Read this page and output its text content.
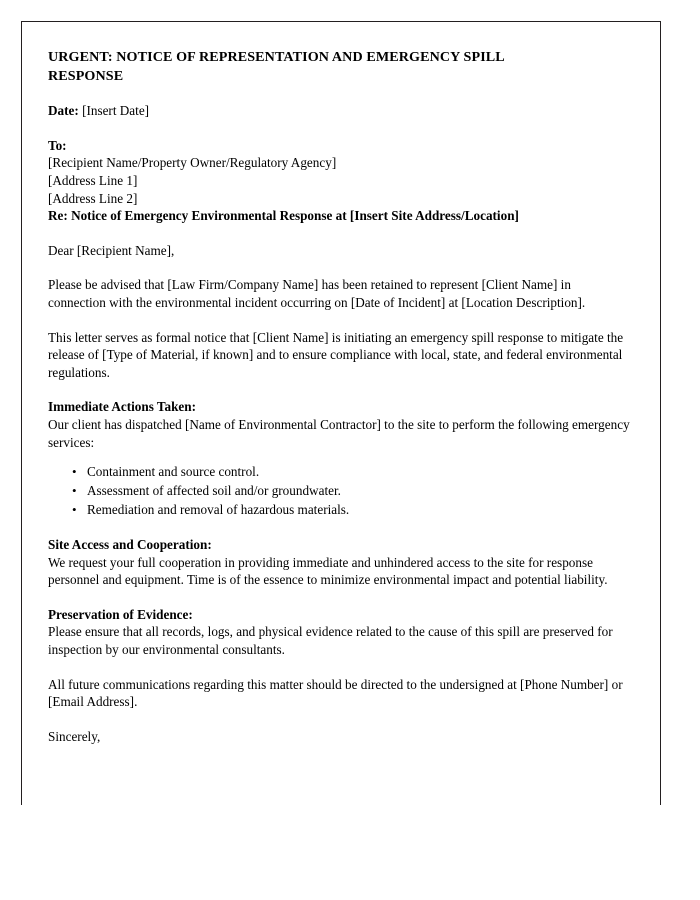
URGENT: NOTICE OF REPRESENTATION AND EMERGENCY SPILL
RESPONSE

Date: [Insert Date]

To:

[Recipient Name/Property Owner/Regulatory Agency]

[Address Line 1]

[Address Line 2]

Re: Notice of Emergency Environmental Response at [Insert Site Address/Location]

Dear [Recipient Name],

Please be advised that [Law Firm/Company Name] has been retained to represent [Client Name] in connection with the environmental incident occurring on [Date of Incident] at [Location Description].

This letter serves as formal notice that [Client Name] is initiating an emergency spill response to mitigate the release of [Type of Material, if known] and to ensure compliance with local, state, and federal environmental regulations.

Immediate Actions Taken:

Our client has dispatched [Name of Environmental Contractor] to the site to perform the following emergency services:

• Containment and source control.
• Assessment of affected soil and/or groundwater.
• Remediation and removal of hazardous materials.

Site Access and Cooperation:

We request your full cooperation in providing immediate and unhindered access to the site for response personnel and equipment. Time is of the essence to minimize environmental impact and potential liability.

Preservation of Evidence:

Please ensure that all records, logs, and physical evidence related to the cause of this spill are preserved for inspection by our environmental consultants.

All future communications regarding this matter should be directed to the undersigned at [Phone Number] or [Email Address].

Sincerely,
